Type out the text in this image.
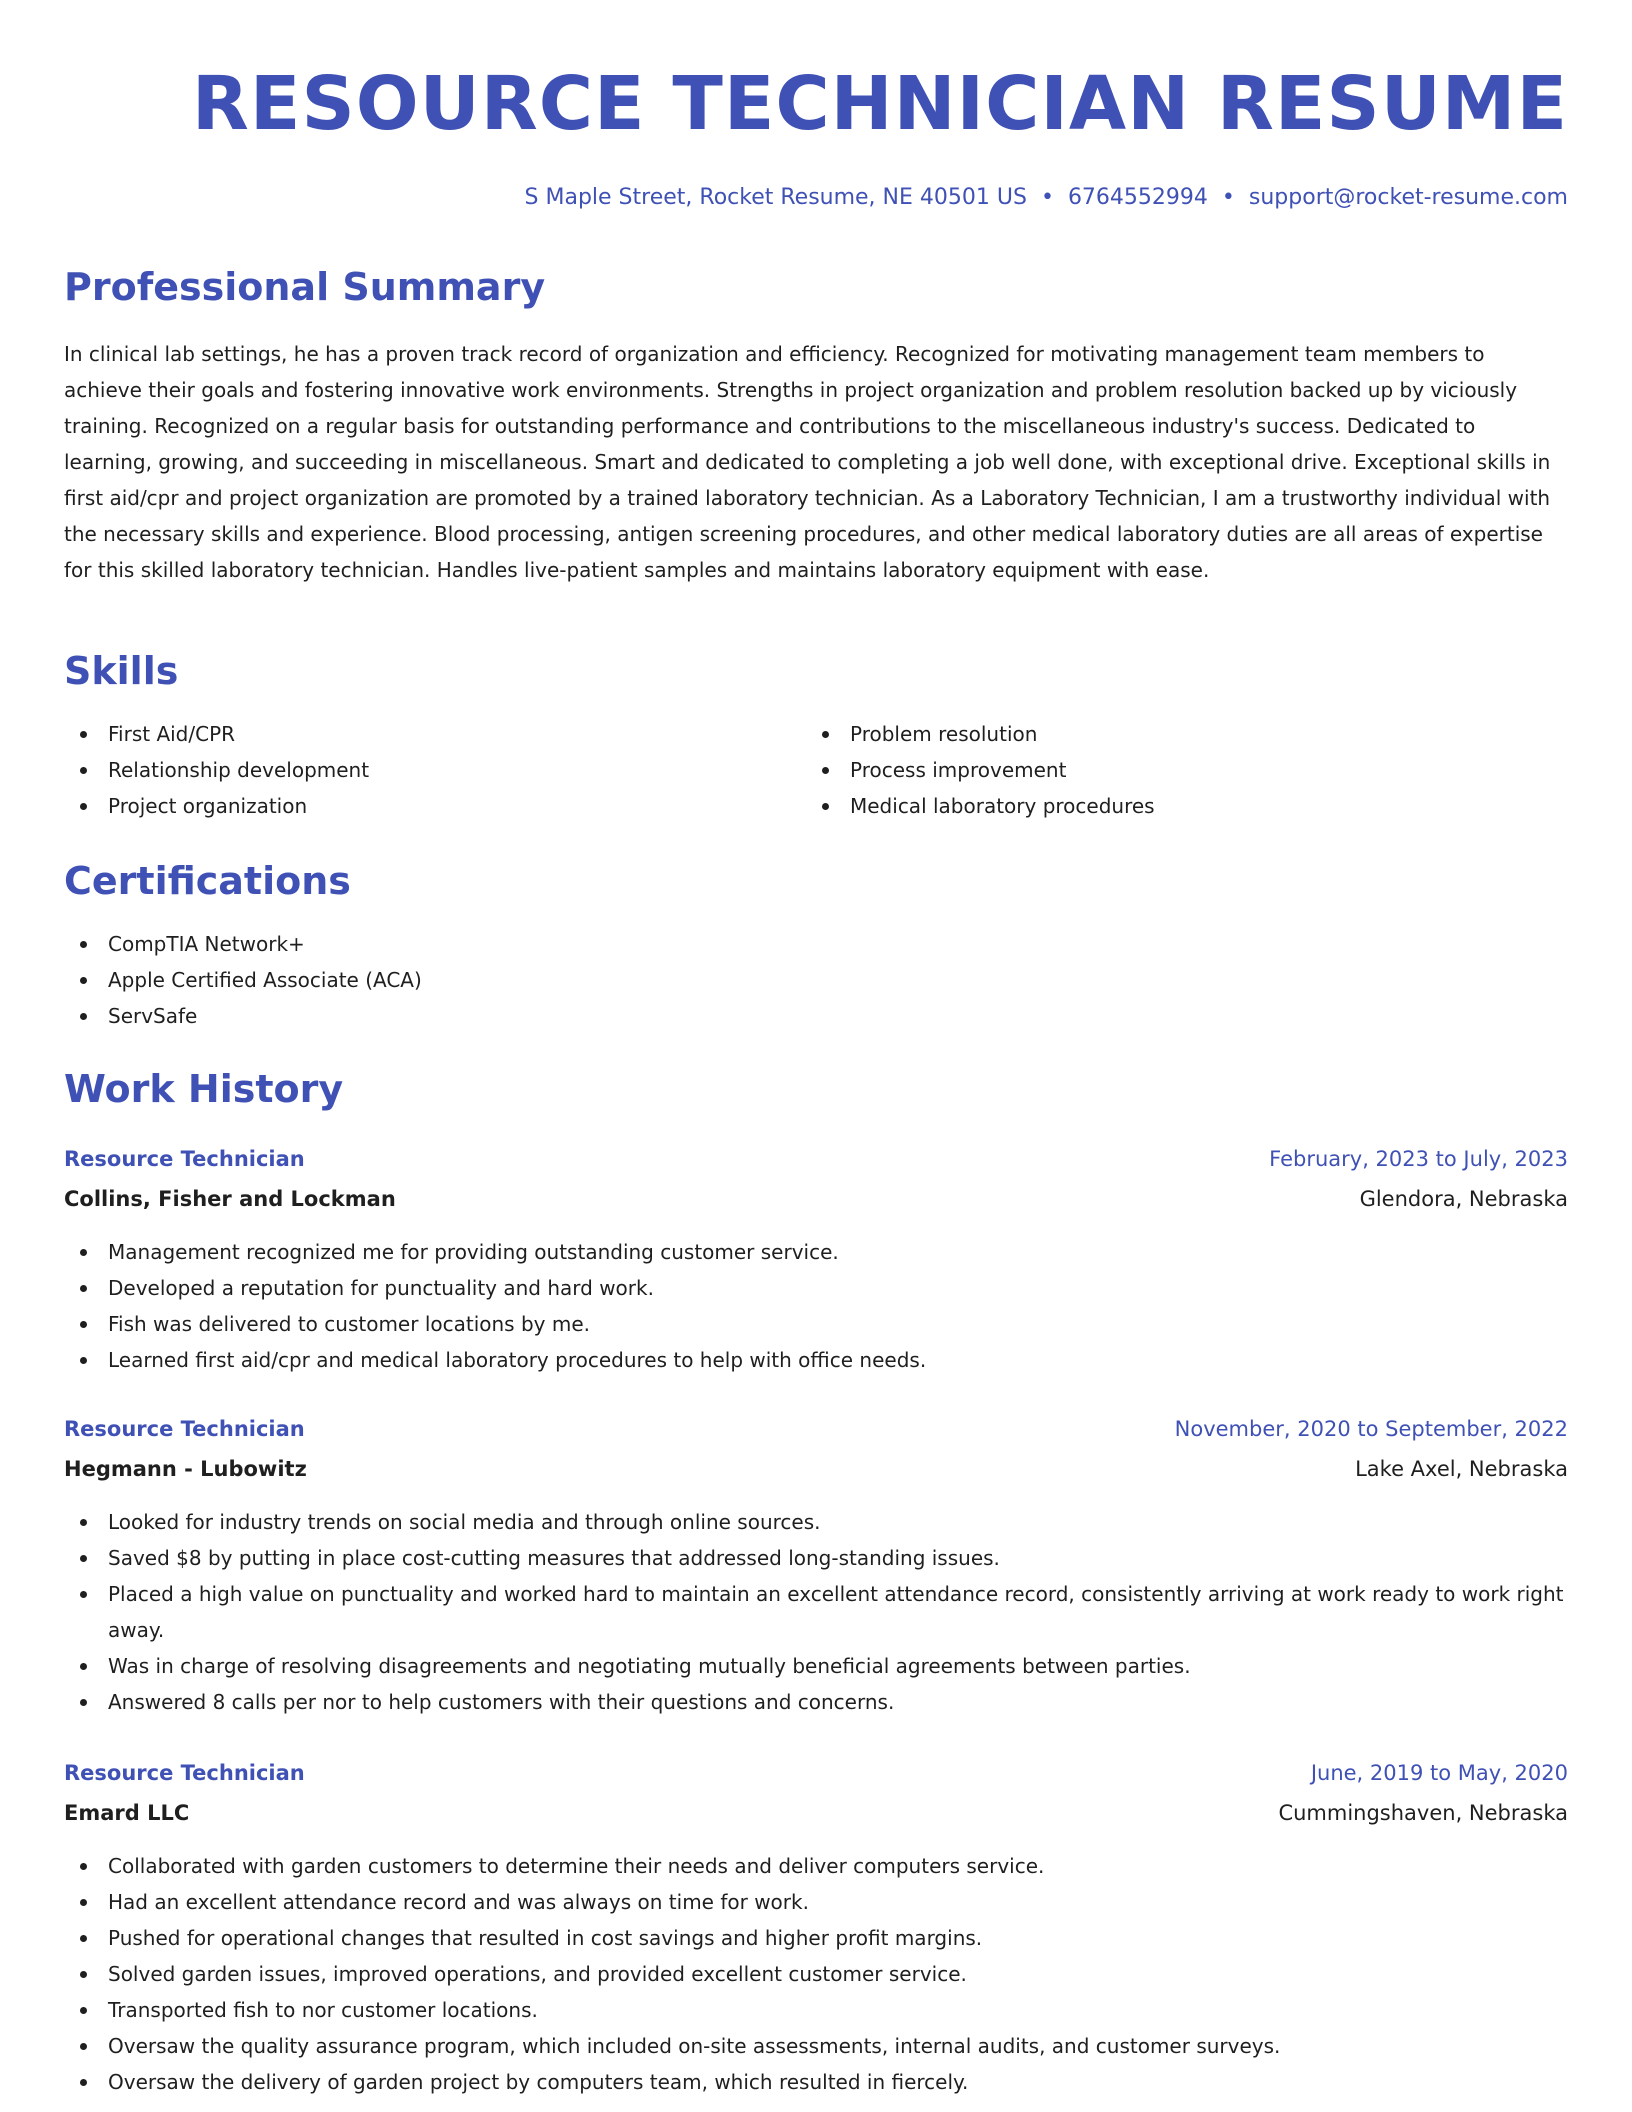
RESOURCE TECHNICIAN RESUME
S Maple Street, Rocket Resume, NE 40501 US • 6764552994 • support@rocket-resume.com
Professional Summary

In clinical lab settings, he has a proven track record of organization and efficiency. Recognized for motivating management team members to achieve their goals and fostering innovative work environments. Strengths in project organization and problem resolution backed up by viciously training. Recognized on a regular basis for outstanding performance and contributions to the miscellaneous industry's success. Dedicated to learning, growing, and succeeding in miscellaneous. Smart and dedicated to completing a job well done, with exceptional drive. Exceptional skills in first aid/cpr and project organization are promoted by a trained laboratory technician. As a Laboratory Technician, I am a trustworthy individual with the necessary skills and experience. Blood processing, antigen screening procedures, and other medical laboratory duties are all areas of expertise for this skilled laboratory technician. Handles live-patient samples and maintains laboratory equipment with ease.

Skills
First Aid/CPR
Relationship development
Project organization
Problem resolution
Process improvement
Medical laboratory procedures
Certifications
CompTIA Network+
Apple Certified Associate (ACA)
ServSafe
Work History
Resource Technician	February, 2023 to July, 2023
Collins, Fisher and Lockman	Glendora, Nebraska
Management recognized me for providing outstanding customer service.
Developed a reputation for punctuality and hard work.
Fish was delivered to customer locations by me.
Learned first aid/cpr and medical laboratory procedures to help with office needs.
Resource Technician	November, 2020 to September, 2022
Hegmann - Lubowitz	Lake Axel, Nebraska
Looked for industry trends on social media and through online sources.
Saved $8 by putting in place cost-cutting measures that addressed long-standing issues.
Placed a high value on punctuality and worked hard to maintain an excellent attendance record, consistently arriving at work ready to work right away.
Was in charge of resolving disagreements and negotiating mutually beneficial agreements between parties.
Answered 8 calls per nor to help customers with their questions and concerns.
Resource Technician	June, 2019 to May, 2020
Emard LLC	Cummingshaven, Nebraska
Collaborated with garden customers to determine their needs and deliver computers service.
Had an excellent attendance record and was always on time for work.
Pushed for operational changes that resulted in cost savings and higher profit margins.
Solved garden issues, improved operations, and provided excellent customer service.
Transported fish to nor customer locations.
Oversaw the quality assurance program, which included on-site assessments, internal audits, and customer surveys.
Oversaw the delivery of garden project by computers team, which resulted in fiercely.
